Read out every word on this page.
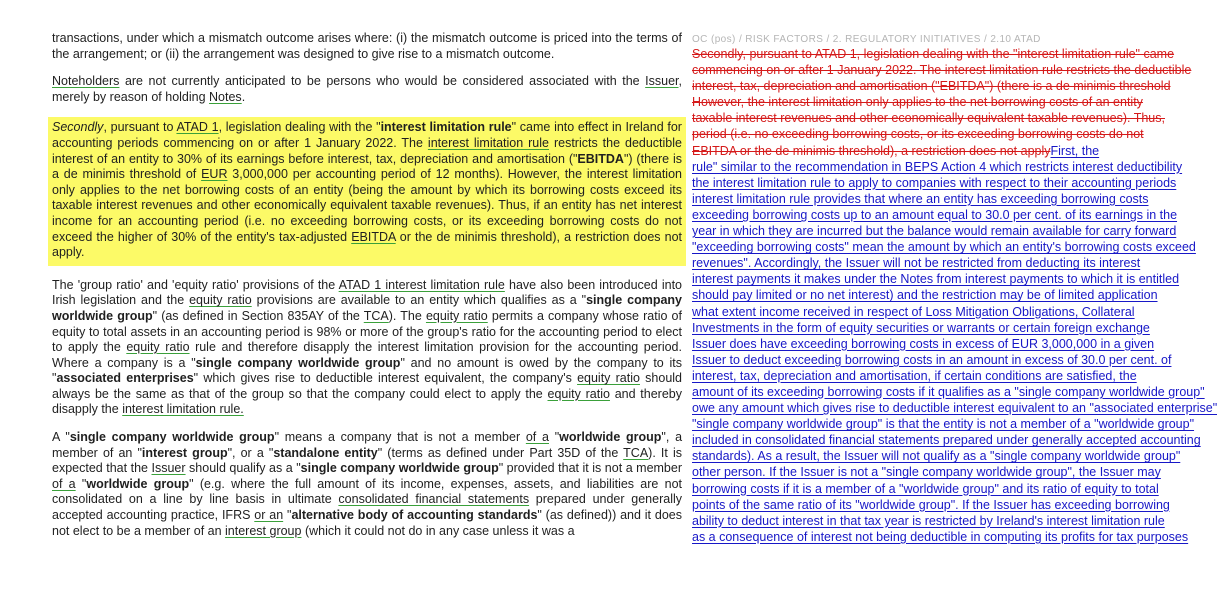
transactions, under which a mismatch outcome arises where: (i) the mismatch outcome is priced into the terms of the arrangement; or (ii) the arrangement was designed to give rise to a mismatch outcome.

Noteholders are not currently anticipated to be persons who would be considered associated with the Issuer, merely by reason of holding Notes.

Secondly, pursuant to ATAD 1, legislation dealing with the "interest limitation rule" came into effect in Ireland for accounting periods commencing on or after 1 January 2022. The interest limitation rule restricts the deductible interest of an entity to 30% of its earnings before interest, tax, depreciation and amortisation ("EBITDA") (there is a de minimis threshold of EUR 3,000,000 per accounting period of 12 months). However, the interest limitation only applies to the net borrowing costs of an entity (being the amount by which its borrowing costs exceed its taxable interest revenues and other economically equivalent taxable revenues). Thus, if an entity has net interest income for an accounting period (i.e. no exceeding borrowing costs, or its exceeding borrowing costs do not exceed the higher of 30% of the entity's tax-adjusted EBITDA or the de minimis threshold), a restriction does not apply.

The 'group ratio' and 'equity ratio' provisions of the ATAD 1 interest limitation rule have also been introduced into Irish legislation and the equity ratio provisions are available to an entity which qualifies as a "single company worldwide group" (as defined in Section 835AY of the TCA). The equity ratio permits a company whose ratio of equity to total assets in an accounting period is 98% or more of the group's ratio for the accounting period to elect to apply the equity ratio rule and therefore disapply the interest limitation provision for the accounting period. Where a company is a "single company worldwide group" and no amount is owed by the company to its "associated enterprises" which gives rise to deductible interest equivalent, the company's equity ratio should always be the same as that of the group so that the company could elect to apply the equity ratio and thereby disapply the interest limitation rule.

A "single company worldwide group" means a company that is not a member of a "worldwide group", a member of an "interest group", or a "standalone entity" (terms as defined under Part 35D of the TCA). It is expected that the Issuer should qualify as a "single company worldwide group" provided that it is not a member of a "worldwide group" (e.g. where the full amount of its income, expenses, assets, and liabilities are not consolidated on a line by line basis in ultimate consolidated financial statements prepared under generally accepted accounting practice, IFRS or an "alternative body of accounting standards" (as defined)) and it does not elect to be a member of an interest group (which it could not do in any case unless it was a

OC (pos) / RISK FACTORS / 2. REGULATORY INITIATIVES / 2.10 ATAD
Secondly, pursuant to ATAD 1, legislation dealing with the "interest limitation rule" came
commencing on or after 1 January 2022. The interest limitation rule restricts the deductible
interest, tax, depreciation and amortisation ("EBITDA") (there is a de minimis threshold
However, the interest limitation only applies to the net borrowing costs of an entity
taxable interest revenues and other economically equivalent taxable revenues). Thus,
period (i.e. no exceeding borrowing costs, or its exceeding borrowing costs do not
EBITDA or the de minimis threshold), a restriction does not applyFirst, the
rule" similar to the recommendation in BEPS Action 4 which restricts interest deductibility
the interest limitation rule to apply to companies with respect to their accounting periods
interest limitation rule provides that where an entity has exceeding borrowing costs
exceeding borrowing costs up to an amount equal to 30.0 per cent. of its earnings in the
year in which they are incurred but the balance would remain available for carry forward
"exceeding borrowing costs" mean the amount by which an entity's borrowing costs exceed
revenues". Accordingly, the Issuer will not be restricted from deducting its interest
interest payments it makes under the Notes from interest payments to which it is entitled
should pay limited or no net interest) and the restriction may be of limited application
what extent income received in respect of Loss Mitigation Obligations, Collateral
Investments in the form of equity securities or warrants or certain foreign exchange
Issuer does have exceeding borrowing costs in excess of EUR 3,000,000 in a given
Issuer to deduct exceeding borrowing costs in an amount in excess of 30.0 per cent. of
interest, tax, depreciation and amortisation, if certain conditions are satisfied, the
amount of its exceeding borrowing costs if it qualifies as a "single company worldwide group"
owe any amount which gives rise to deductible interest equivalent to an "associated enterprise"
"single company worldwide group" is that the entity is not a member of a "worldwide group"
included in consolidated financial statements prepared under generally accepted accounting
standards). As a result, the Issuer will not qualify as a "single company worldwide group"
other person. If the Issuer is not a "single company worldwide group", the Issuer may
borrowing costs if it is a member of a "worldwide group" and its ratio of equity to total
points of the same ratio of its "worldwide group". If the Issuer has exceeding borrowing
ability to deduct interest in that tax year is restricted by Ireland's interest limitation rule
as a consequence of interest not being deductible in computing its profits for tax purposes
